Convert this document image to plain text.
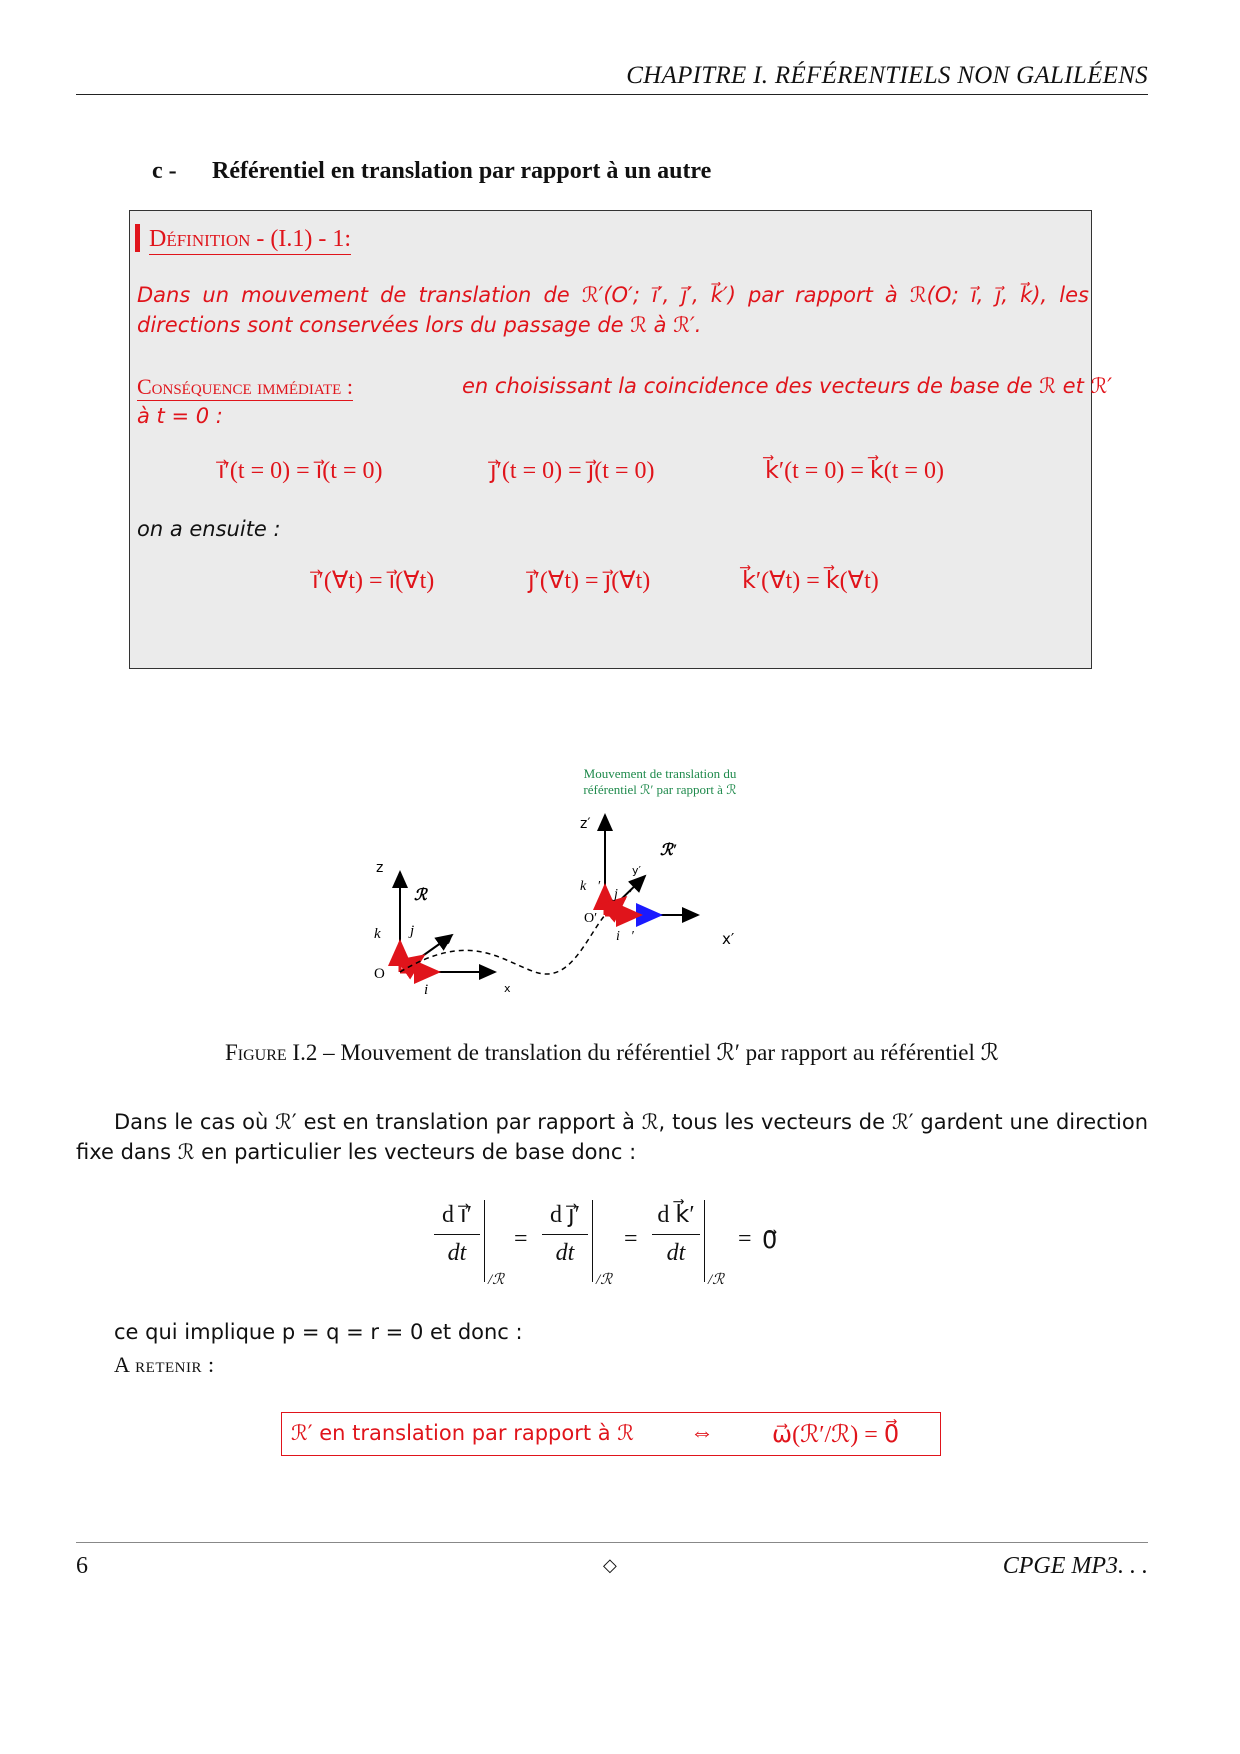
CHAPITRE I. RÉFÉRENTIELS NON GALILÉENS
c - Référentiel en translation par rapport à un autre
Définition - (I.1) - 1:
Dans un mouvement de translation de ℛ′(O′; i⃗′, j⃗′, k⃗′) par rapport à ℛ(O; i⃗, j⃗, k⃗), les
directions sont conservées lors du passage de ℛ à ℛ′.
Conséquence immédiate :	en choisissant la coincidence des vecteurs de base de ℛ et ℛ′
à t = 0 :
i⃗′(t = 0) = i⃗(t = 0)	j⃗′(t = 0) = j⃗(t = 0)	k⃗′(t = 0) = k⃗(t = 0)
on a ensuite :
i⃗′(∀t) = i⃗(∀t)	j⃗′(∀t) = j⃗(∀t)	k⃗′(∀t) = k⃗(∀t)
Mouvement de translation du
référentiel ℛ′ par rapport à ℛ
z
ℛ
k⃗ j⃗ y
O
i⃗	x
z′
ℛ′
k⃗′
y′
j⃗′
O′
i⃗′	x′
Figure I.2 – Mouvement de translation du référentiel ℛ′ par rapport au référentiel ℛ
Dans le cas où ℛ′ est en translation par rapport à ℛ, tous les vecteurs de ℛ′ gardent une direction
fixe dans ℛ en particulier les vecteurs de base donc :
d i⃗′
dt
/ℛ
=
d j⃗′
dt
/ℛ
=
d k⃗′
dt
/ℛ
= 0⃗
ce qui implique p = q = r = 0 et donc :
A retenir :
ℛ′ en translation par rapport à ℛ ⇔ ω⃗(ℛ′/ℛ) = 0⃗
6	◇	CPGE MP3. . .
